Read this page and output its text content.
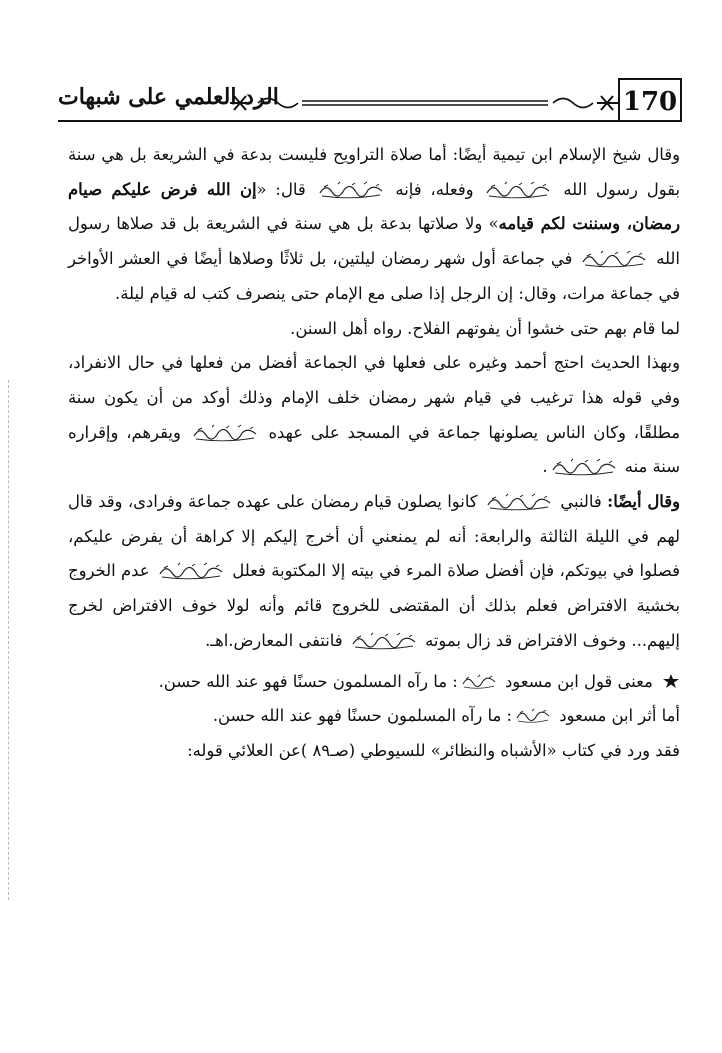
170
الرد العلمي على شبهات

وقال شيخ الإسلام ابن تيمية أيضًا: أما صلاة التراويح فليست بدعة في الشريعة بل هي سنة بقول رسول الله
وفعله، فإنه
قال: «إن الله فرض عليكم صيام رمضان، وسننت لكم قيامه» ولا صلاتها بدعة بل هي سنة في الشريعة بل قد صلاها رسول الله
في جماعة أول شهر رمضان ليلتين، بل ثلاثًا وصلاها أيضًا في العشر الأواخر في جماعة مرات، وقال: إن الرجل إذا صلى مع الإمام حتى ينصرف كتب له قيام ليلة.

لما قام بهم حتى خشوا أن يفوتهم الفلاح. رواه أهل السنن.

وبهذا الحديث احتج أحمد وغيره على فعلها في الجماعة أفضل من فعلها في حال الانفراد، وفي قوله هذا ترغيب في قيام شهر رمضان خلف الإمام وذلك أوكد من أن يكون سنة مطلقًا، وكان الناس يصلونها جماعة في المسجد على عهده
ويقرهم، وإقراره سنة منه
.

وقال أيضًا: فالنبي
كانوا يصلون قيام رمضان على عهده جماعة وفرادى، وقد قال لهم في الليلة الثالثة والرابعة: أنه لم يمنعني أن أخرج إليكم إلا كراهة أن يفرض عليكم، فصلوا في بيوتكم، فإن أفضل صلاة المرء في بيته إلا المكتوبة فعلل
عدم الخروج بخشية الافتراض فعلم بذلك أن المقتضى للخروج قائم وأنه لولا خوف الافتراض لخرج إليهم... وخوف الافتراض قد زال بموته
فانتفى المعارض.اهـ.

معنى قول ابن مسعود
: ما رآه المسلمون حسنًا فهو عند الله حسن.

أما أثر ابن مسعود
: ما رآه المسلمون حسنًا فهو عند الله حسن.

فقد ورد في كتاب «الأشباه والنظائر» للسيوطي (صـ٨٩ )عن العلائي قوله:
